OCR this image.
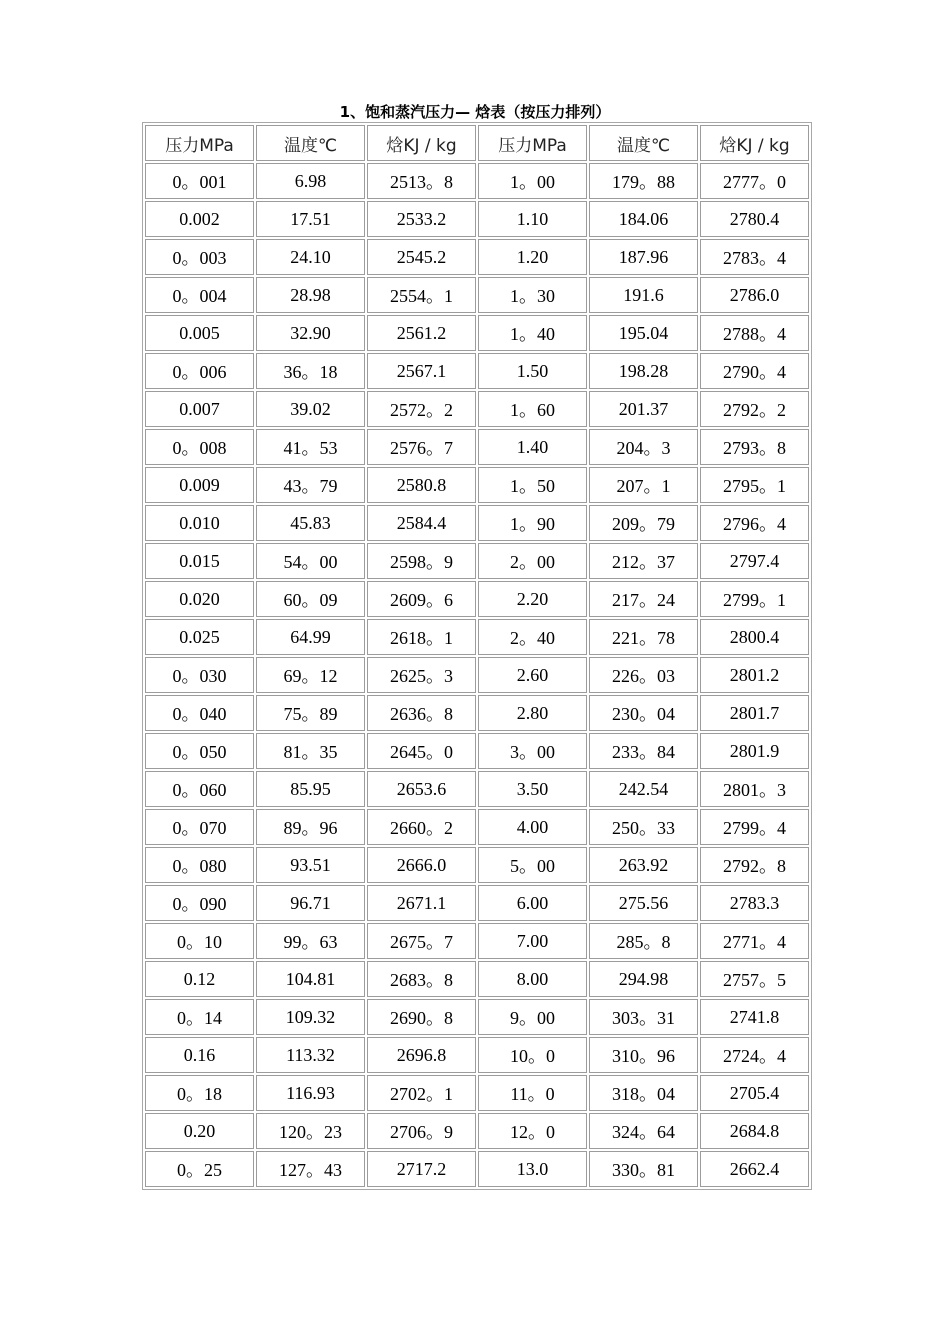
1、饱和蒸汽压力— 焓表（按压力排列）
压力MPa	温度℃	焓KJ / kg	压力MPa	温度℃	焓KJ / kg
0。001	6.98	2513。8	1。00	179。88	2777。0
0.002	17.51	2533.2	1.10	184.06	2780.4
0。003	24.10	2545.2	1.20	187.96	2783。4
0。004	28.98	2554。1	1。30	191.6	2786.0
0.005	32.90	2561.2	1。40	195.04	2788。4
0。006	36。18	2567.1	1.50	198.28	2790。4
0.007	39.02	2572。2	1。60	201.37	2792。2
0。008	41。53	2576。7	1.40	204。3	2793。8
0.009	43。79	2580.8	1。50	207。1	2795。1
0.010	45.83	2584.4	1。90	209。79	2796。4
0.015	54。00	2598。9	2。00	212。37	2797.4
0.020	60。09	2609。6	2.20	217。24	2799。1
0.025	64.99	2618。1	2。40	221。78	2800.4
0。030	69。12	2625。3	2.60	226。03	2801.2
0。040	75。89	2636。8	2.80	230。04	2801.7
0。050	81。35	2645。0	3。00	233。84	2801.9
0。060	85.95	2653.6	3.50	242.54	2801。3
0。070	89。96	2660。2	4.00	250。33	2799。4
0。080	93.51	2666.0	5。00	263.92	2792。8
0。090	96.71	2671.1	6.00	275.56	2783.3
0。10	99。63	2675。7	7.00	285。8	2771。4
0.12	104.81	2683。8	8.00	294.98	2757。5
0。14	109.32	2690。8	9。00	303。31	2741.8
0.16	113.32	2696.8	10。0	310。96	2724。4
0。18	116.93	2702。1	11。0	318。04	2705.4
0.20	120。23	2706。9	12。0	324。64	2684.8
0。25	127。43	2717.2	13.0	330。81	2662.4
